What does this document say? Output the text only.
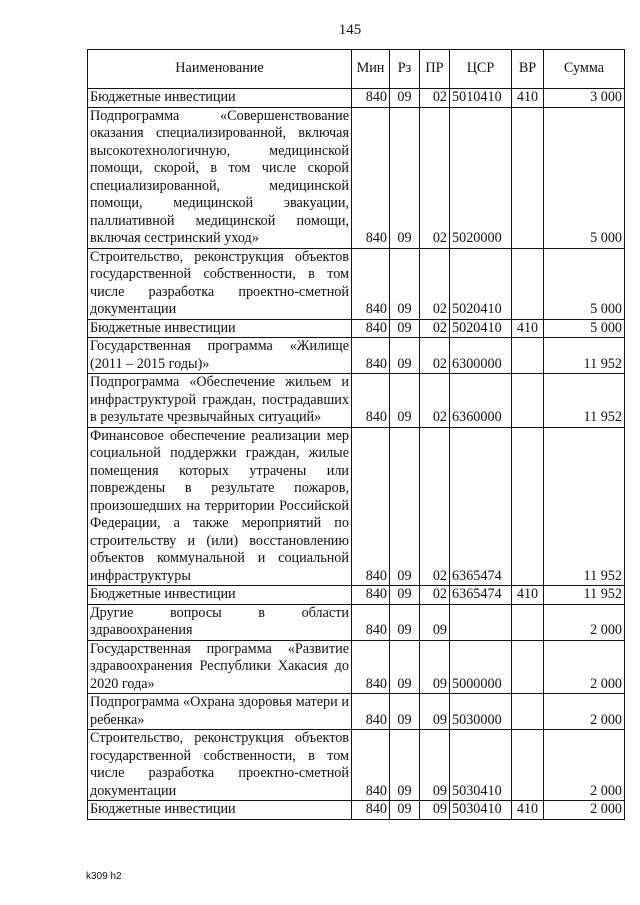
145
Наименование	Мин	Рз	ПР	ЦСР	ВР	Сумма
Бюджетные инвестиции	840	09	02	5010410	410	3 000
Подпрограмма «Совершенствование оказания специализированной, включая высокотехнологичную, медицинской помощи, скорой, в том числе скорой специализированной, медицинской помощи, медицинской эвакуации, паллиативной медицинской помощи, включая сестринский уход»	840	09	02	5020000		5 000
Строительство, реконструкция объектов государственной собственности, в том числе разработка проектно-сметной документации	840	09	02	5020410		5 000
Бюджетные инвестиции	840	09	02	5020410	410	5 000
Государственная программа «Жилище (2011 – 2015 годы)»	840	09	02	6300000		11 952
Подпрограмма «Обеспечение жильем и инфраструктурой граждан, пострадавших в результате чрезвычайных ситуаций»	840	09	02	6360000		11 952
Финансовое обеспечение реализации мер социальной поддержки граждан, жилые помещения которых утрачены или повреждены в результате пожаров, произошедших на территории Российской Федерации, а также мероприятий по строительству и (или) восстановлению объектов коммунальной и социальной инфраструктуры	840	09	02	6365474		11 952
Бюджетные инвестиции	840	09	02	6365474	410	11 952
Другие вопросы в области здравоохранения	840	09	09			2 000
Государственная программа «Развитие здравоохранения Республики Хакасия до 2020 года»	840	09	09	5000000		2 000
Подпрограмма «Охрана здоровья матери и ребенка»	840	09	09	5030000		2 000
Строительство, реконструкция объектов государственной собственности, в том числе разработка проектно-сметной документации	840	09	09	5030410		2 000
Бюджетные инвестиции	840	09	09	5030410	410	2 000
k309 h2
